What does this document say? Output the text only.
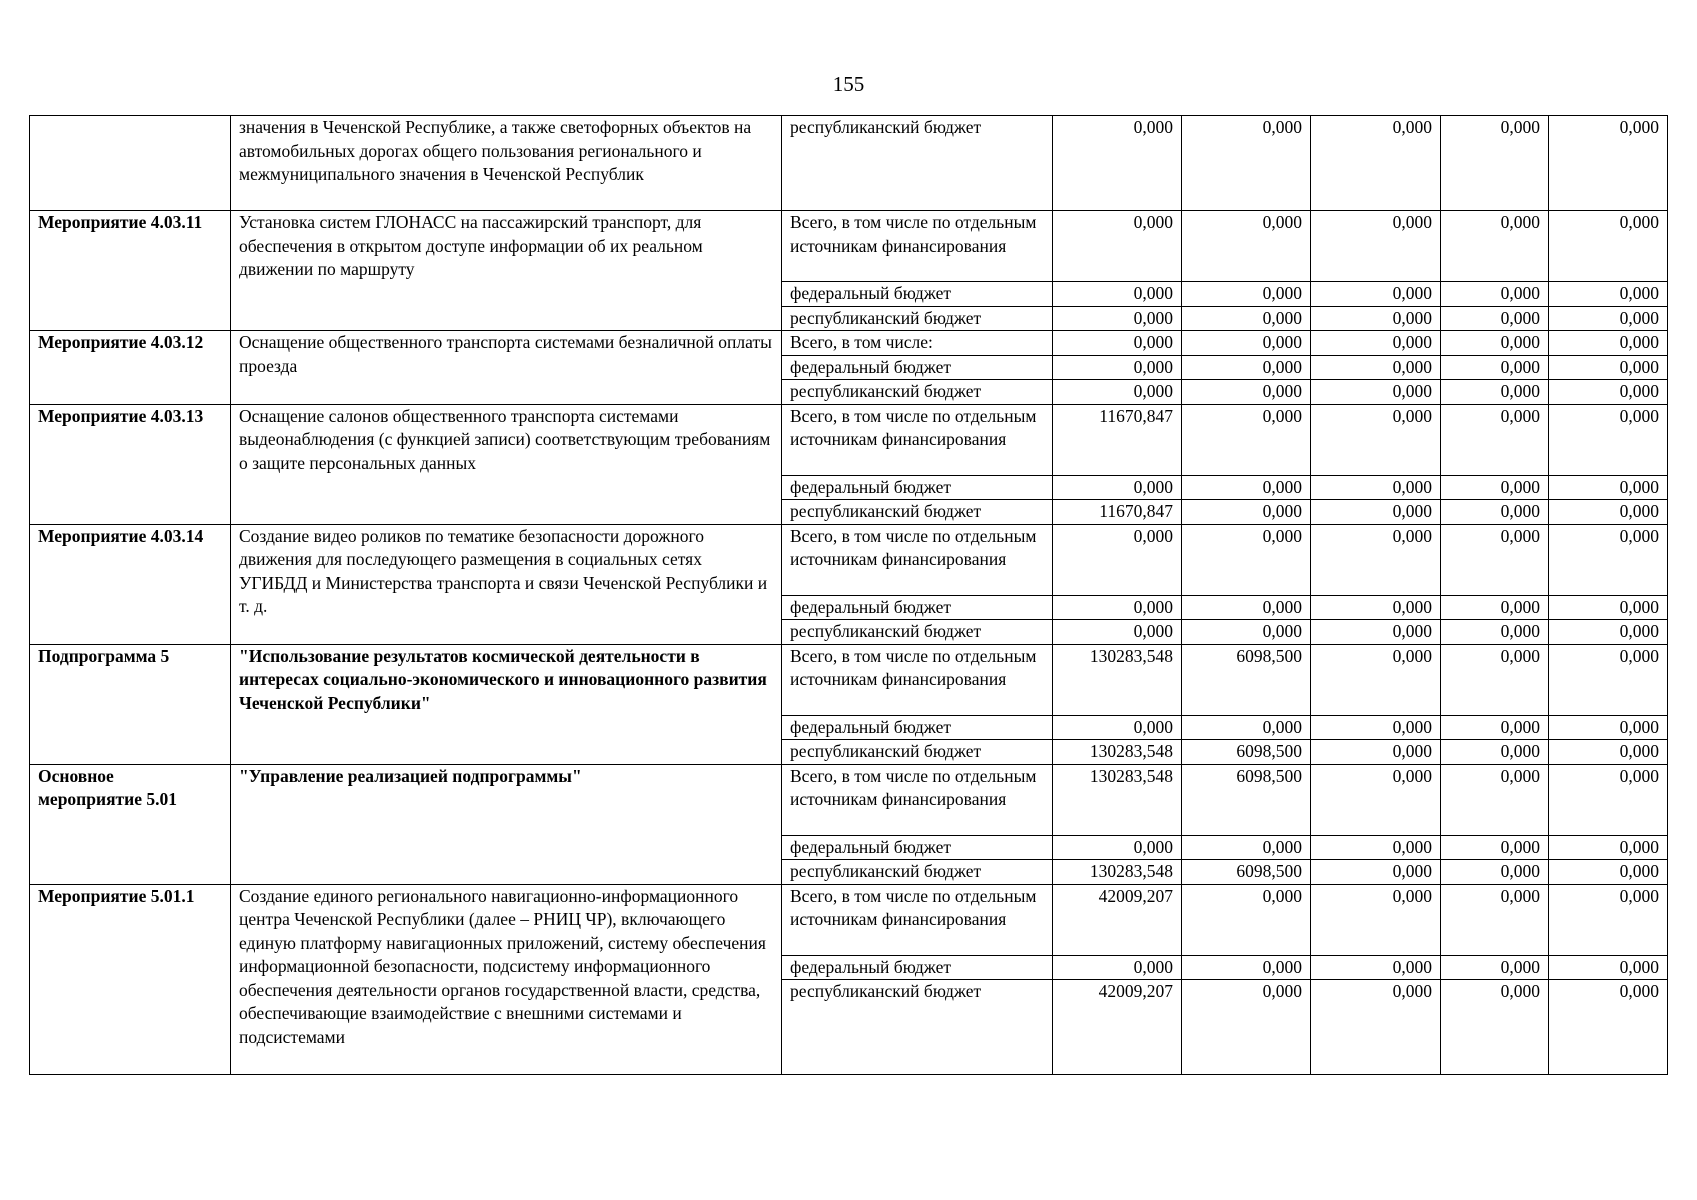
155
	значения в Чеченской Республике, а также светофорных объектов на автомобильных дорогах общего пользования регионального и межмуниципального значения в Чеченской Республик	республиканский бюджет	0,000	0,000	0,000	0,000	0,000
Мероприятие 4.03.11	Установка систем ГЛОНАСС на пассажирский транспорт, для обеспечения в открытом доступе информации об их реальном движении по маршруту	Всего, в том числе по отдельным источникам финансирования	0,000	0,000	0,000	0,000	0,000
		федеральный бюджет	0,000	0,000	0,000	0,000	0,000
		республиканский бюджет	0,000	0,000	0,000	0,000	0,000
Мероприятие 4.03.12	Оснащение общественного транспорта системами безналичной оплаты проезда	Всего, в том числе:	0,000	0,000	0,000	0,000	0,000
		федеральный бюджет	0,000	0,000	0,000	0,000	0,000
		республиканский бюджет	0,000	0,000	0,000	0,000	0,000
Мероприятие 4.03.13	Оснащение салонов общественного транспорта системами выдеонаблюдения (с функцией записи) соответствующим требованиям о защите персональных данных	Всего, в том числе по отдельным источникам финансирования	11670,847	0,000	0,000	0,000	0,000
		федеральный бюджет	0,000	0,000	0,000	0,000	0,000
		республиканский бюджет	11670,847	0,000	0,000	0,000	0,000
Мероприятие 4.03.14	Создание видео роликов по тематике безопасности дорожного движения для последующего размещения в социальных сетях УГИБДД и Министерства транспорта и связи Чеченской Республики и т. д.	Всего, в том числе по отдельным источникам финансирования	0,000	0,000	0,000	0,000	0,000
		федеральный бюджет	0,000	0,000	0,000	0,000	0,000
		республиканский бюджет	0,000	0,000	0,000	0,000	0,000
Подпрограмма 5	"Использование результатов космической деятельности в интересах социально-экономического и инновационного развития Чеченской Республики"	Всего, в том числе по отдельным источникам финансирования	130283,548	6098,500	0,000	0,000	0,000
		федеральный бюджет	0,000	0,000	0,000	0,000	0,000
		республиканский бюджет	130283,548	6098,500	0,000	0,000	0,000
Основное мероприятие 5.01	"Управление реализацией подпрограммы"	Всего, в том числе по отдельным источникам финансирования	130283,548	6098,500	0,000	0,000	0,000
		федеральный бюджет	0,000	0,000	0,000	0,000	0,000
		республиканский бюджет	130283,548	6098,500	0,000	0,000	0,000
Мероприятие 5.01.1	Создание единого регионального навигационно-информационного центра Чеченской Республики (далее – РНИЦ ЧР), включающего единую платформу навигационных приложений, систему обеспечения информационной безопасности, подсистему информационного обеспечения деятельности органов государственной власти, средства, обеспечивающие взаимодействие с внешними системами и подсистемами	Всего, в том числе по отдельным источникам финансирования	42009,207	0,000	0,000	0,000	0,000
		федеральный бюджет	0,000	0,000	0,000	0,000	0,000
		республиканский бюджет	42009,207	0,000	0,000	0,000	0,000
